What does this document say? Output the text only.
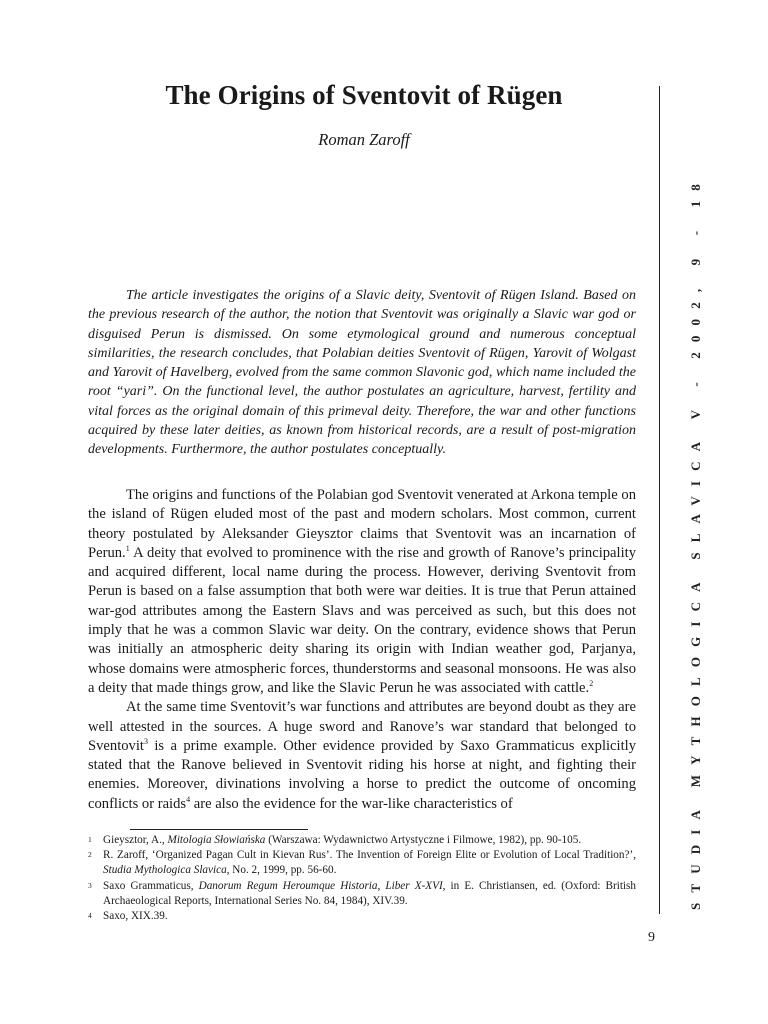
The Origins of Sventovit of Rügen
Roman Zaroff

The article investigates the origins of a Slavic deity, Sventovit of Rügen Island. Based on the previous research of the author, the notion that Sventovit was originally a Slavic war god or disguised Perun is dismissed. On some etymological ground and numerous conceptual similarities, the research concludes, that Polabian deities Sventovit of Rügen, Yarovit of Wolgast and Yarovit of Havelberg, evolved from the same common Slavonic god, which name included the root “yari”. On the functional level, the author postulates an agriculture, harvest, fertility and vital forces as the original domain of this primeval deity. Therefore, the war and other functions acquired by these later deities, as known from historical records, are a result of post-migration developments. Furthermore, the author postulates conceptually.

The origins and functions of the Polabian god Sventovit venerated at Arkona temple on the island of Rügen eluded most of the past and modern scholars. Most common, current theory postulated by Aleksander Gieysztor claims that Sventovit was an incarnation of Perun.$^1$ A deity that evolved to prominence with the rise and growth of Ranove’s principality and acquired different, local name during the process. However, deriving Sventovit from Perun is based on a false assumption that both were war deities. It is true that Perun attained war-god attributes among the Eastern Slavs and was perceived as such, but this does not imply that he was a common Slavic war deity. On the contrary, evidence shows that Perun was initially an atmospheric deity sharing its origin with Indian weather god, Parjanya, whose domains were atmospheric forces, thunderstorms and seasonal monsoons. He was also a deity that made things grow, and like the Slavic Perun he was associated with cattle.$^2$

At the same time Sventovit’s war functions and attributes are beyond doubt as they are well attested in the sources. A huge sword and Ranove’s war standard that belonged to Sventovit$^3$ is a prime example. Other evidence provided by Saxo Grammaticus explicitly stated that the Ranove believed in Sventovit riding his horse at night, and fighting their enemies. Moreover, divinations involving a horse to predict the outcome of oncoming conflicts or raids$^4$ are also the evidence for the war-like characteristics of

1	Gieysztor, A., Mitologia Słowiańska (Warszawa: Wydawnictwo Artystyczne i Filmowe, 1982), pp. 90-105.
2	R. Zaroff, ‘Organized Pagan Cult in Kievan Rus’. The Invention of Foreign Elite or Evolution of Local Tradition?’, Studia Mythologica Slavica, No. 2, 1999, pp. 56-60.
3	Saxo Grammaticus, Danorum Regum Heroumque Historia, Liber X-XVI, in E. Christiansen, ed. (Oxford: British Archaeological Reports, International Series No. 84, 1984), XIV.39.
4	Saxo, XIX.39.
9
STUDIA MYTHOLOGICA SLAVICA V - 2002, 9 - 18
